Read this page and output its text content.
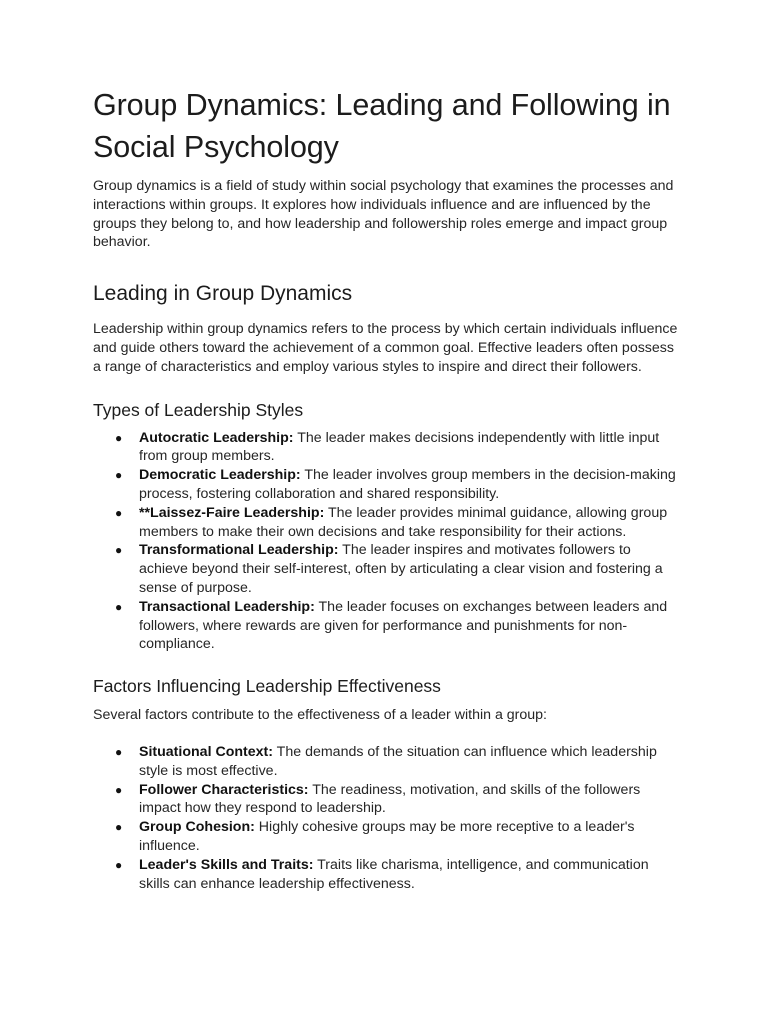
Group Dynamics: Leading and Following in Social Psychology

Group dynamics is a field of study within social psychology that examines the processes and interactions within groups. It explores how individuals influence and are influenced by the groups they belong to, and how leadership and followership roles emerge and impact group behavior.

Leading in Group Dynamics

Leadership within group dynamics refers to the process by which certain individuals influence and guide others toward the achievement of a common goal. Effective leaders often possess a range of characteristics and employ various styles to inspire and direct their followers.

Types of Leadership Styles
● Autocratic Leadership: The leader makes decisions independently with little input from group members.
● Democratic Leadership: The leader involves group members in the decision-making process, fostering collaboration and shared responsibility.
● **Laissez-Faire Leadership: The leader provides minimal guidance, allowing group members to make their own decisions and take responsibility for their actions.
● Transformational Leadership: The leader inspires and motivates followers to achieve beyond their self-interest, often by articulating a clear vision and fostering a sense of purpose.
● Transactional Leadership: The leader focuses on exchanges between leaders and followers, where rewards are given for performance and punishments for non-compliance.
Factors Influencing Leadership Effectiveness

Several factors contribute to the effectiveness of a leader within a group:

● Situational Context: The demands of the situation can influence which leadership style is most effective.
● Follower Characteristics: The readiness, motivation, and skills of the followers impact how they respond to leadership.
● Group Cohesion: Highly cohesive groups may be more receptive to a leader's influence.
● Leader's Skills and Traits: Traits like charisma, intelligence, and communication skills can enhance leadership effectiveness.
